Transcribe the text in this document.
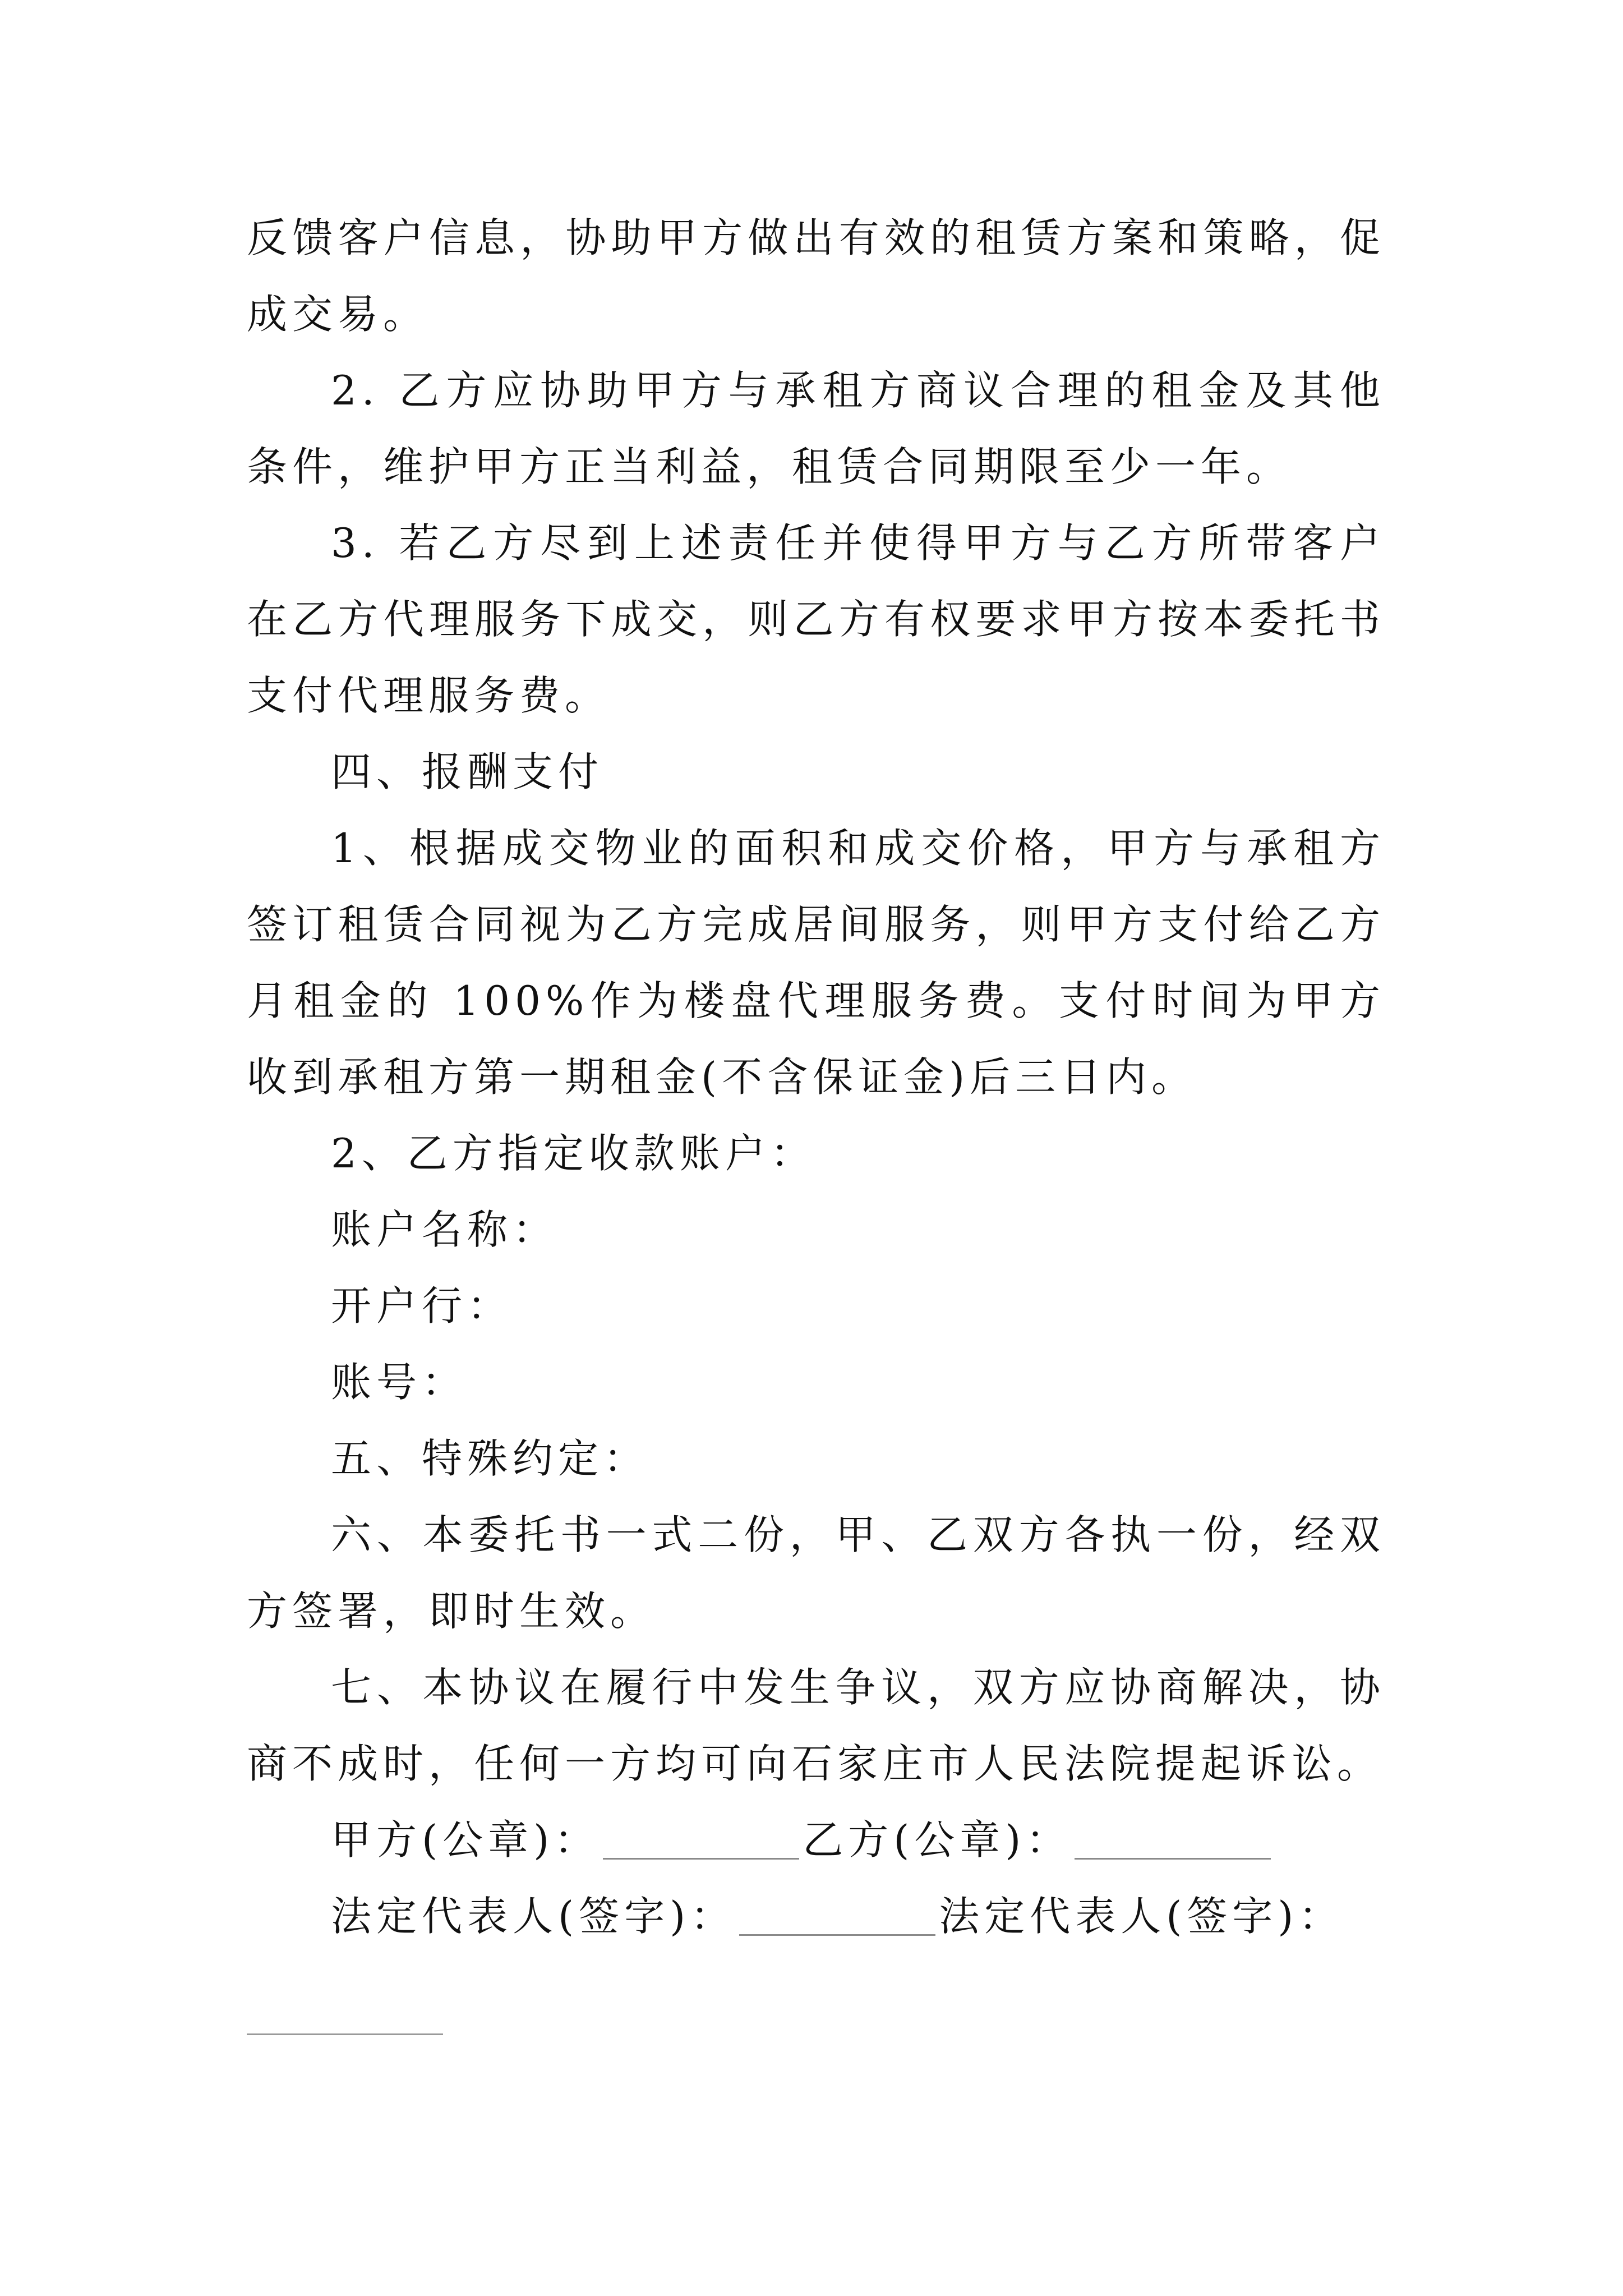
反馈客户信息，协助甲方做出有效的租赁方案和策略，促成交易。

2. 乙方应协助甲方与承租方商议合理的租金及其他条件，维护甲方正当利益，租赁合同期限至少一年。

3. 若乙方尽到上述责任并使得甲方与乙方所带客户在乙方代理服务下成交，则乙方有权要求甲方按本委托书支付代理服务费。

四、报酬支付

1、根据成交物业的面积和成交价格，甲方与承租方签订租赁合同视为乙方完成居间服务，则甲方支付给乙方月租金的 100%作为楼盘代理服务费。支付时间为甲方收到承租方第一期租金(不含保证金)后三日内。

2、乙方指定收款账户：

账户名称：

开户行：

账号：

五、特殊约定：

六、本委托书一式二份，甲、乙双方各执一份，经双方签署，即时生效。

七、本协议在履行中发生争议，双方应协商解决，协商不成时，任何一方均可向石家庄市人民法院提起诉讼。

甲方(公章)：	乙方(公章)：

法定代表人(签字)：	法定代表人(签字)：
